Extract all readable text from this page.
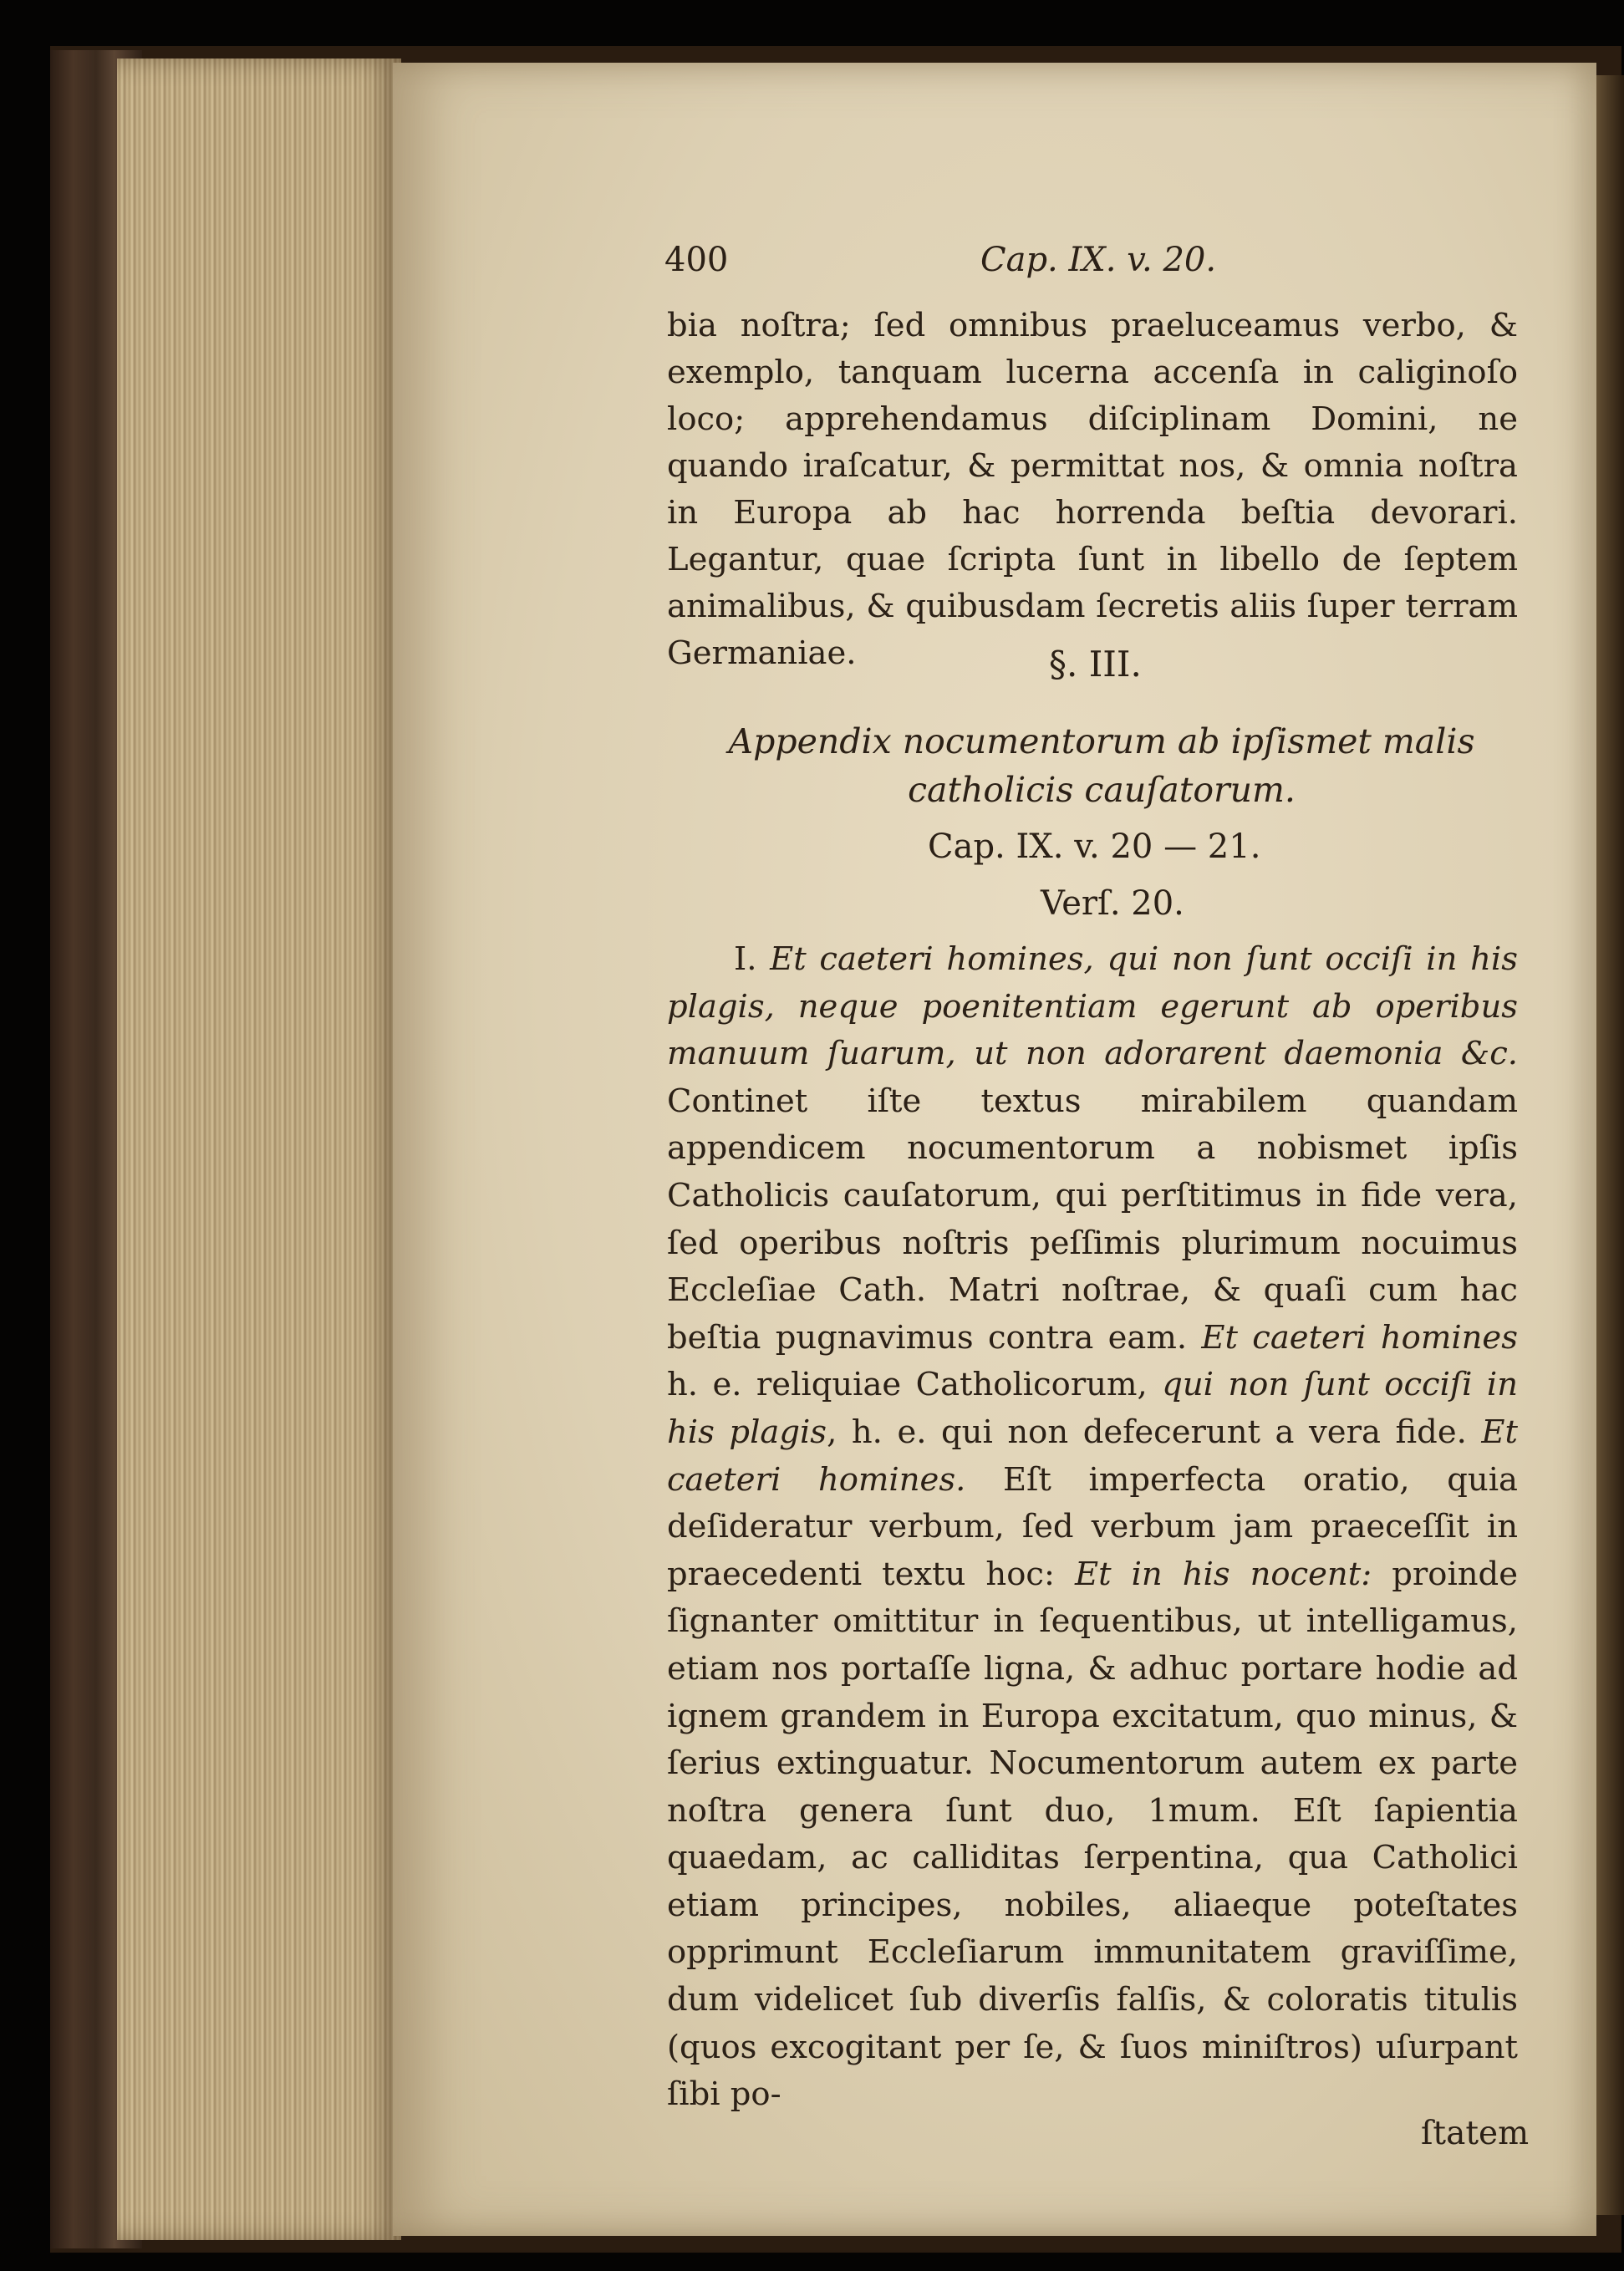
400	Cap. IX. v. 20.
bia noſtra; ſed omnibus praeluceamus verbo, & exemplo, tanquam lucerna accenſa in caliginoſo loco; apprehendamus diſciplinam Domini, ne quando iraſcatur, & permittat nos, & omnia noſtra in Europa ab hac horrenda beſtia devorari. Legantur, quae ſcripta ſunt in libello de ſeptem animalibus, & quibusdam ſecretis aliis ſuper terram Germaniae.	§. III.
Appendix nocumentorum ab ipſismet malis catholicis cauſatorum.
Cap. IX. v. 20 — 21.
Verſ. 20.
I. Et caeteri homines, qui non ſunt occiſi in his plagis, neque poenitentiam egerunt ab operibus manuum ſuarum, ut non adorarent daemonia &c. Continet iſte textus mirabilem quandam appendicem nocumentorum a nobismet ipſis Catholicis cauſatorum, qui perſtitimus in fide vera, ſed operibus noſtris peſſimis plurimum nocuimus Eccleſiae Cath. Matri noſtrae, & quaſi cum hac beſtia pugnavimus contra eam. Et caeteri homines h. e. reliquiae Catholicorum, qui non ſunt occiſi in his plagis, h. e. qui non defecerunt a vera fide. Et caeteri homines. Eſt imperfecta oratio, quia deſideratur verbum, ſed verbum jam praeceſſit in praecedenti textu hoc: Et in his nocent: proinde ſignanter omittitur in ſequentibus, ut intelligamus, etiam nos portaſſe ligna, & adhuc portare hodie ad ignem grandem in Europa excitatum, quo minus, & ſerius extinguatur. Nocumentorum autem ex parte noſtra genera ſunt duo, 1mum. Eſt ſapientia quaedam, ac calliditas ſerpentina, qua Catholici etiam principes, nobiles, aliaeque poteſtates opprimunt Eccleſiarum immunitatem graviſſime, dum videlicet ſub diverſis falſis, & coloratis titulis (quos excogitant per ſe, & ſuos miniſtros) uſurpant ſibi po-
ſtatem
